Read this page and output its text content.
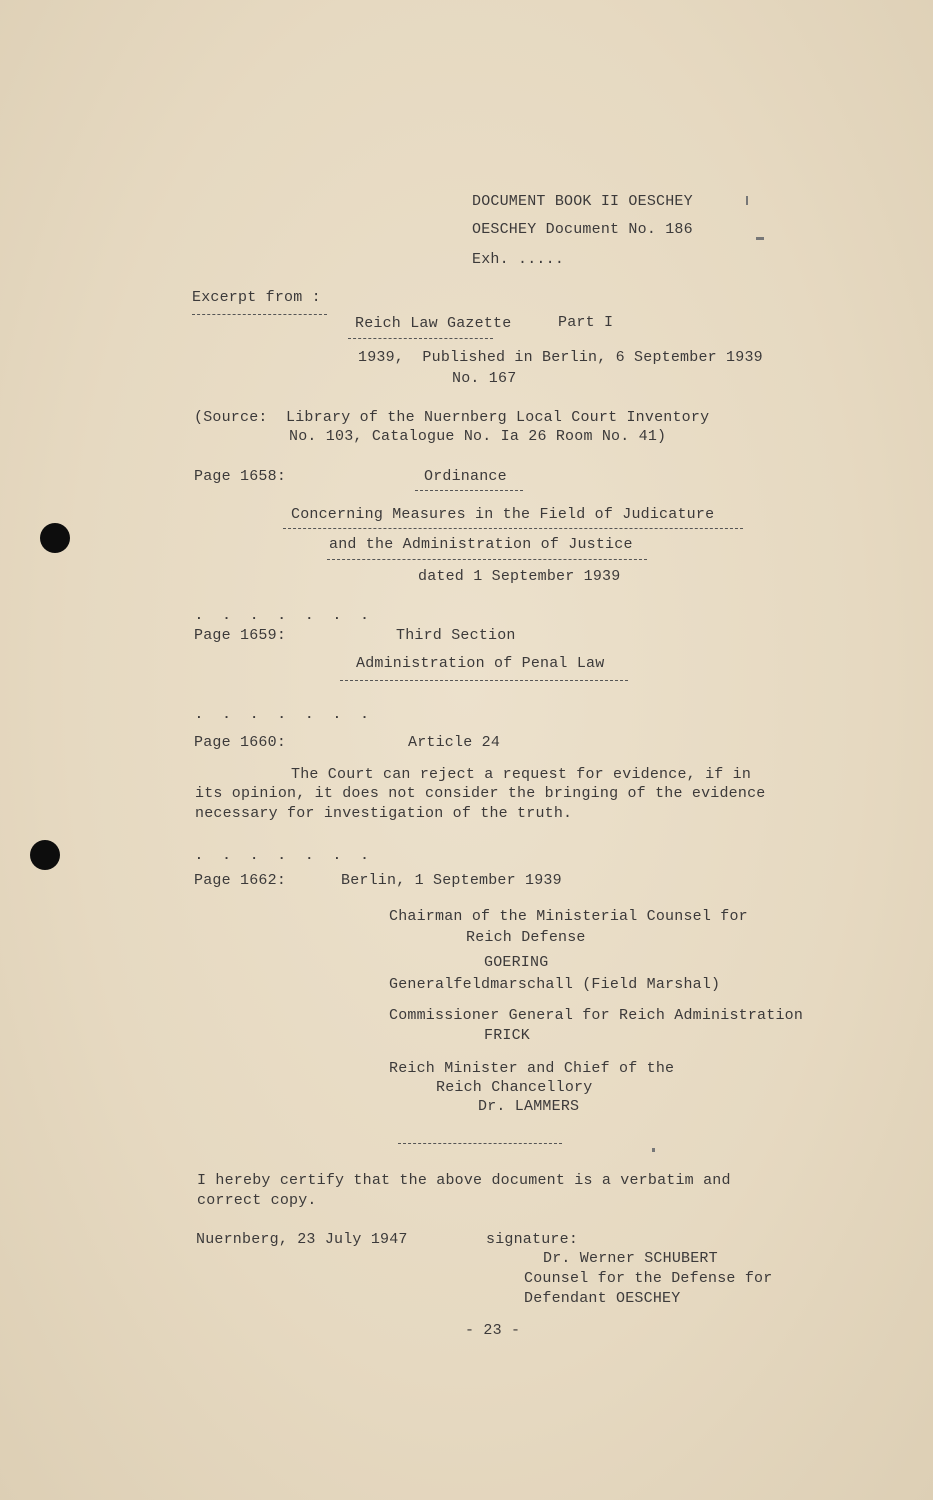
DOCUMENT BOOK II OESCHEY
OESCHEY Document No. 186
Exh. .....
Excerpt from :
Reich Law Gazette	Part I
1939,  Published in Berlin, 6 September 1939
No. 167
(Source:  Library of the Nuernberg Local Court Inventory
No. 103, Catalogue No. Ia 26 Room No. 41)
Page 1658:	Ordinance
Concerning Measures in the Field of Judicature
and the Administration of Justice
dated 1 September 1939
. . . . . . .
Page 1659:	Third Section
Administration of Penal Law
. . . . . . .
Page 1660:	Article 24
The Court can reject a request for evidence, if in
its opinion, it does not consider the bringing of the evidence
necessary for investigation of the truth.
. . . . . . .
Page 1662:	Berlin, 1 September 1939
Chairman of the Ministerial Counsel for
Reich Defense
GOERING
Generalfeldmarschall (Field Marshal)
Commissioner General for Reich Administration
FRICK
Reich Minister and Chief of the
Reich Chancellory
Dr. LAMMERS
I hereby certify that the above document is a verbatim and
correct copy.
Nuernberg, 23 July 1947	signature:
Dr. Werner SCHUBERT
Counsel for the Defense for
Defendant OESCHEY
- 23 -
